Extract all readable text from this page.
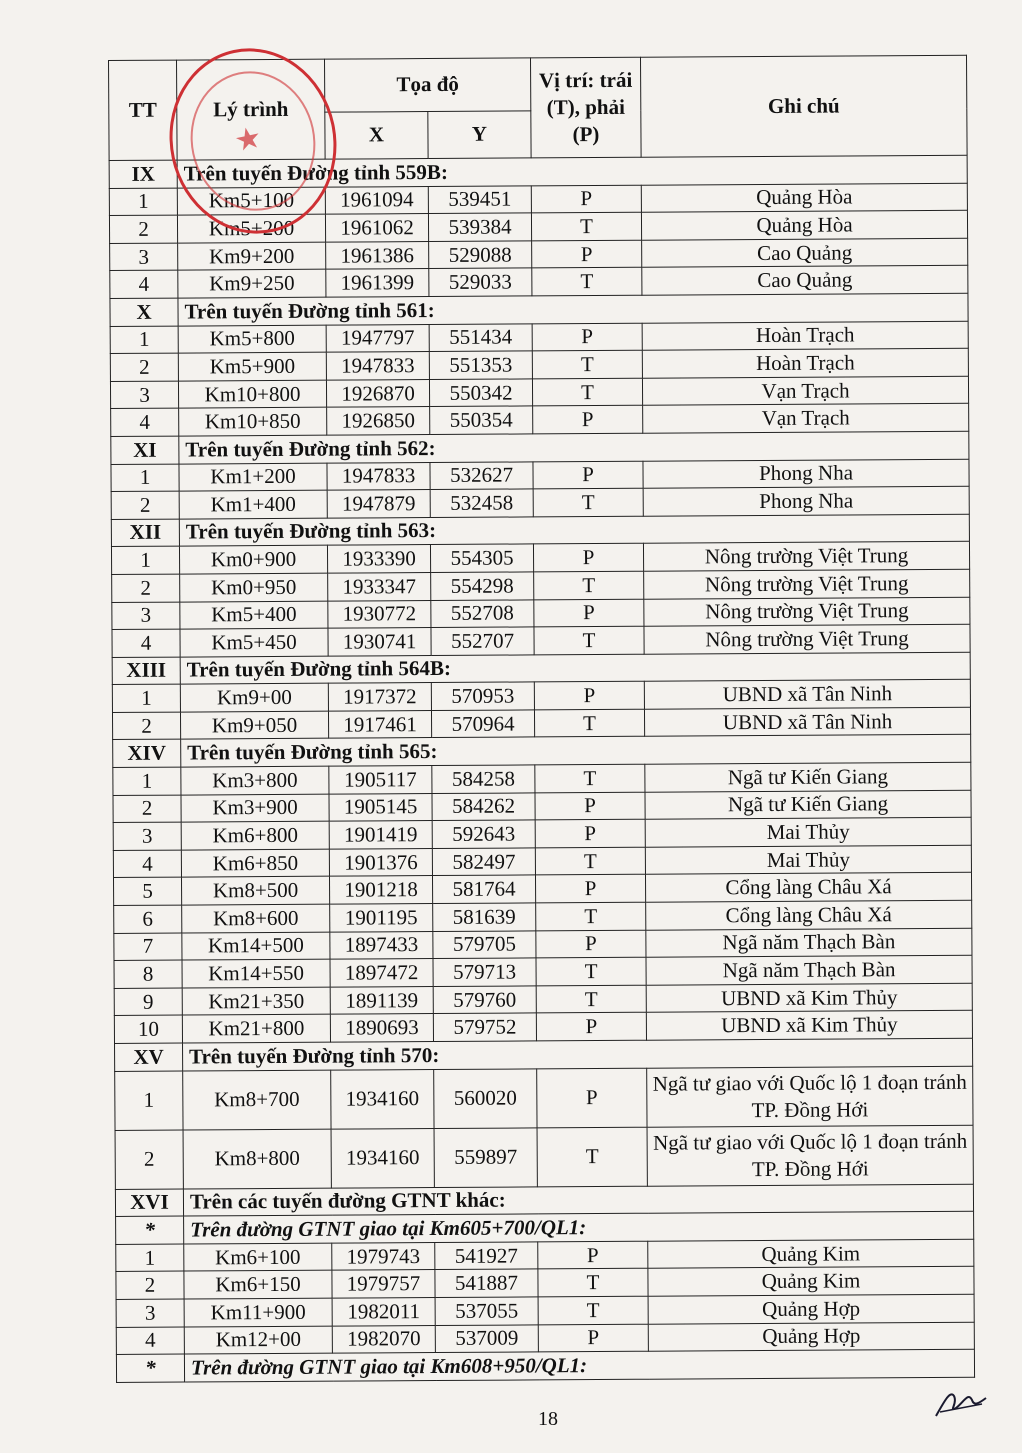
TT	Lý trình	Tọa độ		Vị trí: trái (T), phải (P)	Ghi chú
		X	Y		
IX	Trên tuyến Đường tỉnh 559B:				
1	Km5+100	1961094	539451	P	Quảng Hòa
2	Km5+200	1961062	539384	T	Quảng Hòa
3	Km9+200	1961386	529088	P	Cao Quảng
4	Km9+250	1961399	529033	T	Cao Quảng
X	Trên tuyến Đường tỉnh 561:				
1	Km5+800	1947797	551434	P	Hoàn Trạch
2	Km5+900	1947833	551353	T	Hoàn Trạch
3	Km10+800	1926870	550342	T	Vạn Trạch
4	Km10+850	1926850	550354	P	Vạn Trạch
XI	Trên tuyến Đường tỉnh 562:				
1	Km1+200	1947833	532627	P	Phong Nha
2	Km1+400	1947879	532458	T	Phong Nha
XII	Trên tuyến Đường tỉnh 563:				
1	Km0+900	1933390	554305	P	Nông trường Việt Trung
2	Km0+950	1933347	554298	T	Nông trường Việt Trung
3	Km5+400	1930772	552708	P	Nông trường Việt Trung
4	Km5+450	1930741	552707	T	Nông trường Việt Trung
XIII	Trên tuyến Đường tỉnh 564B:				
1	Km9+00	1917372	570953	P	UBND xã Tân Ninh
2	Km9+050	1917461	570964	T	UBND xã Tân Ninh
XIV	Trên tuyến Đường tỉnh 565:				
1	Km3+800	1905117	584258	T	Ngã tư Kiến Giang
2	Km3+900	1905145	584262	P	Ngã tư Kiến Giang
3	Km6+800	1901419	592643	P	Mai Thủy
4	Km6+850	1901376	582497	T	Mai Thủy
5	Km8+500	1901218	581764	P	Cổng làng Châu Xá
6	Km8+600	1901195	581639	T	Cổng làng Châu Xá
7	Km14+500	1897433	579705	P	Ngã năm Thạch Bàn
8	Km14+550	1897472	579713	T	Ngã năm Thạch Bàn
9	Km21+350	1891139	579760	T	UBND xã Kim Thủy
10	Km21+800	1890693	579752	P	UBND xã Kim Thủy
XV	Trên tuyến Đường tỉnh 570:				
1	Km8+700	1934160	560020	P	Ngã tư giao với Quốc lộ 1 đoạn tránh TP. Đồng Hới
2	Km8+800	1934160	559897	T	Ngã tư giao với Quốc lộ 1 đoạn tránh TP. Đồng Hới
XVI	Trên các tuyến đường GTNT khác:				
*	Trên đường GTNT giao tại Km605+700/QL1:				
1	Km6+100	1979743	541927	P	Quảng Kim
2	Km6+150	1979757	541887	T	Quảng Kim
3	Km11+900	1982011	537055	T	Quảng Hợp
4	Km12+00	1982070	537009	P	Quảng Hợp
*	Trên đường GTNT giao tại Km608+950/QL1:				
★
18
